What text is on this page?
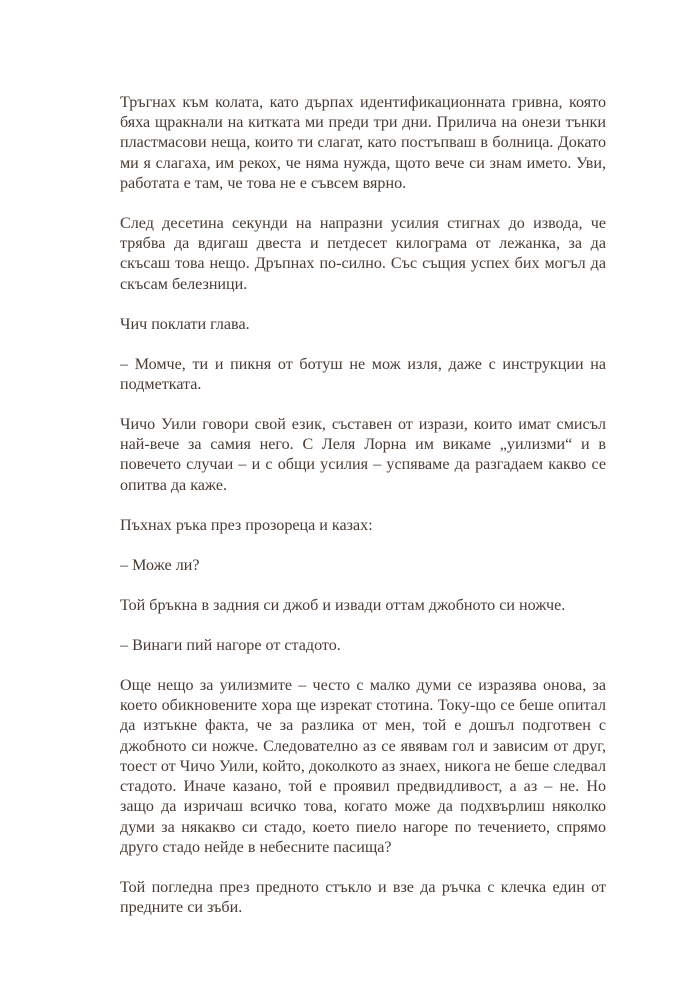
Тръгнах към колата, като дърпах идентификационната гривна, която бяха щракнали на китката ми преди три дни. Прилича на онези тънки пластмасови неща, които ти слагат, като постъпваш в болница. Докато ми я слагаха, им рекох, че няма нужда, щото вече си знам името. Уви, работата е там, че това не е съвсем вярно.

След десетина секунди на напразни усилия стигнах до извода, че трябва да вдигаш двеста и петдесет килограма от лежанка, за да скъсаш това нещо. Дръпнах по-силно. Със същия успех бих могъл да скъсам белезници.

Чич поклати глава.

– Момче, ти и пикня от ботуш не мож изля, даже с инструкции на подметката.

Чичо Уили говори свой език, съставен от изрази, които имат смисъл най-вече за самия него. С Леля Лорна им викаме „уилизми“ и в повечето случаи – и с общи усилия – успяваме да разгадаем какво се опитва да каже.

Пъхнах ръка през прозореца и казах:

– Може ли?

Той бръкна в задния си джоб и извади оттам джобното си ножче.

– Винаги пий нагоре от стадото.

Още нещо за уилизмите – често с малко думи се изразява онова, за което обикновените хора ще изрекат стотина. Току-що се беше опитал да изтъкне факта, че за разлика от мен, той е дошъл подготвен с джобното си ножче. Следователно аз се явявам гол и зависим от друг, тоест от Чичо Уили, който, доколкото аз знаех, никога не беше следвал стадото. Иначе казано, той е проявил предвидливост, а аз – не. Но защо да изричаш всичко това, когато може да подхвърлиш няколко думи за някакво си стадо, което пиело нагоре по течението, спрямо друго стадо нейде в небесните пасища?

Той погледна през предното стъкло и взе да ръчка с клечка един от предните си зъби.
